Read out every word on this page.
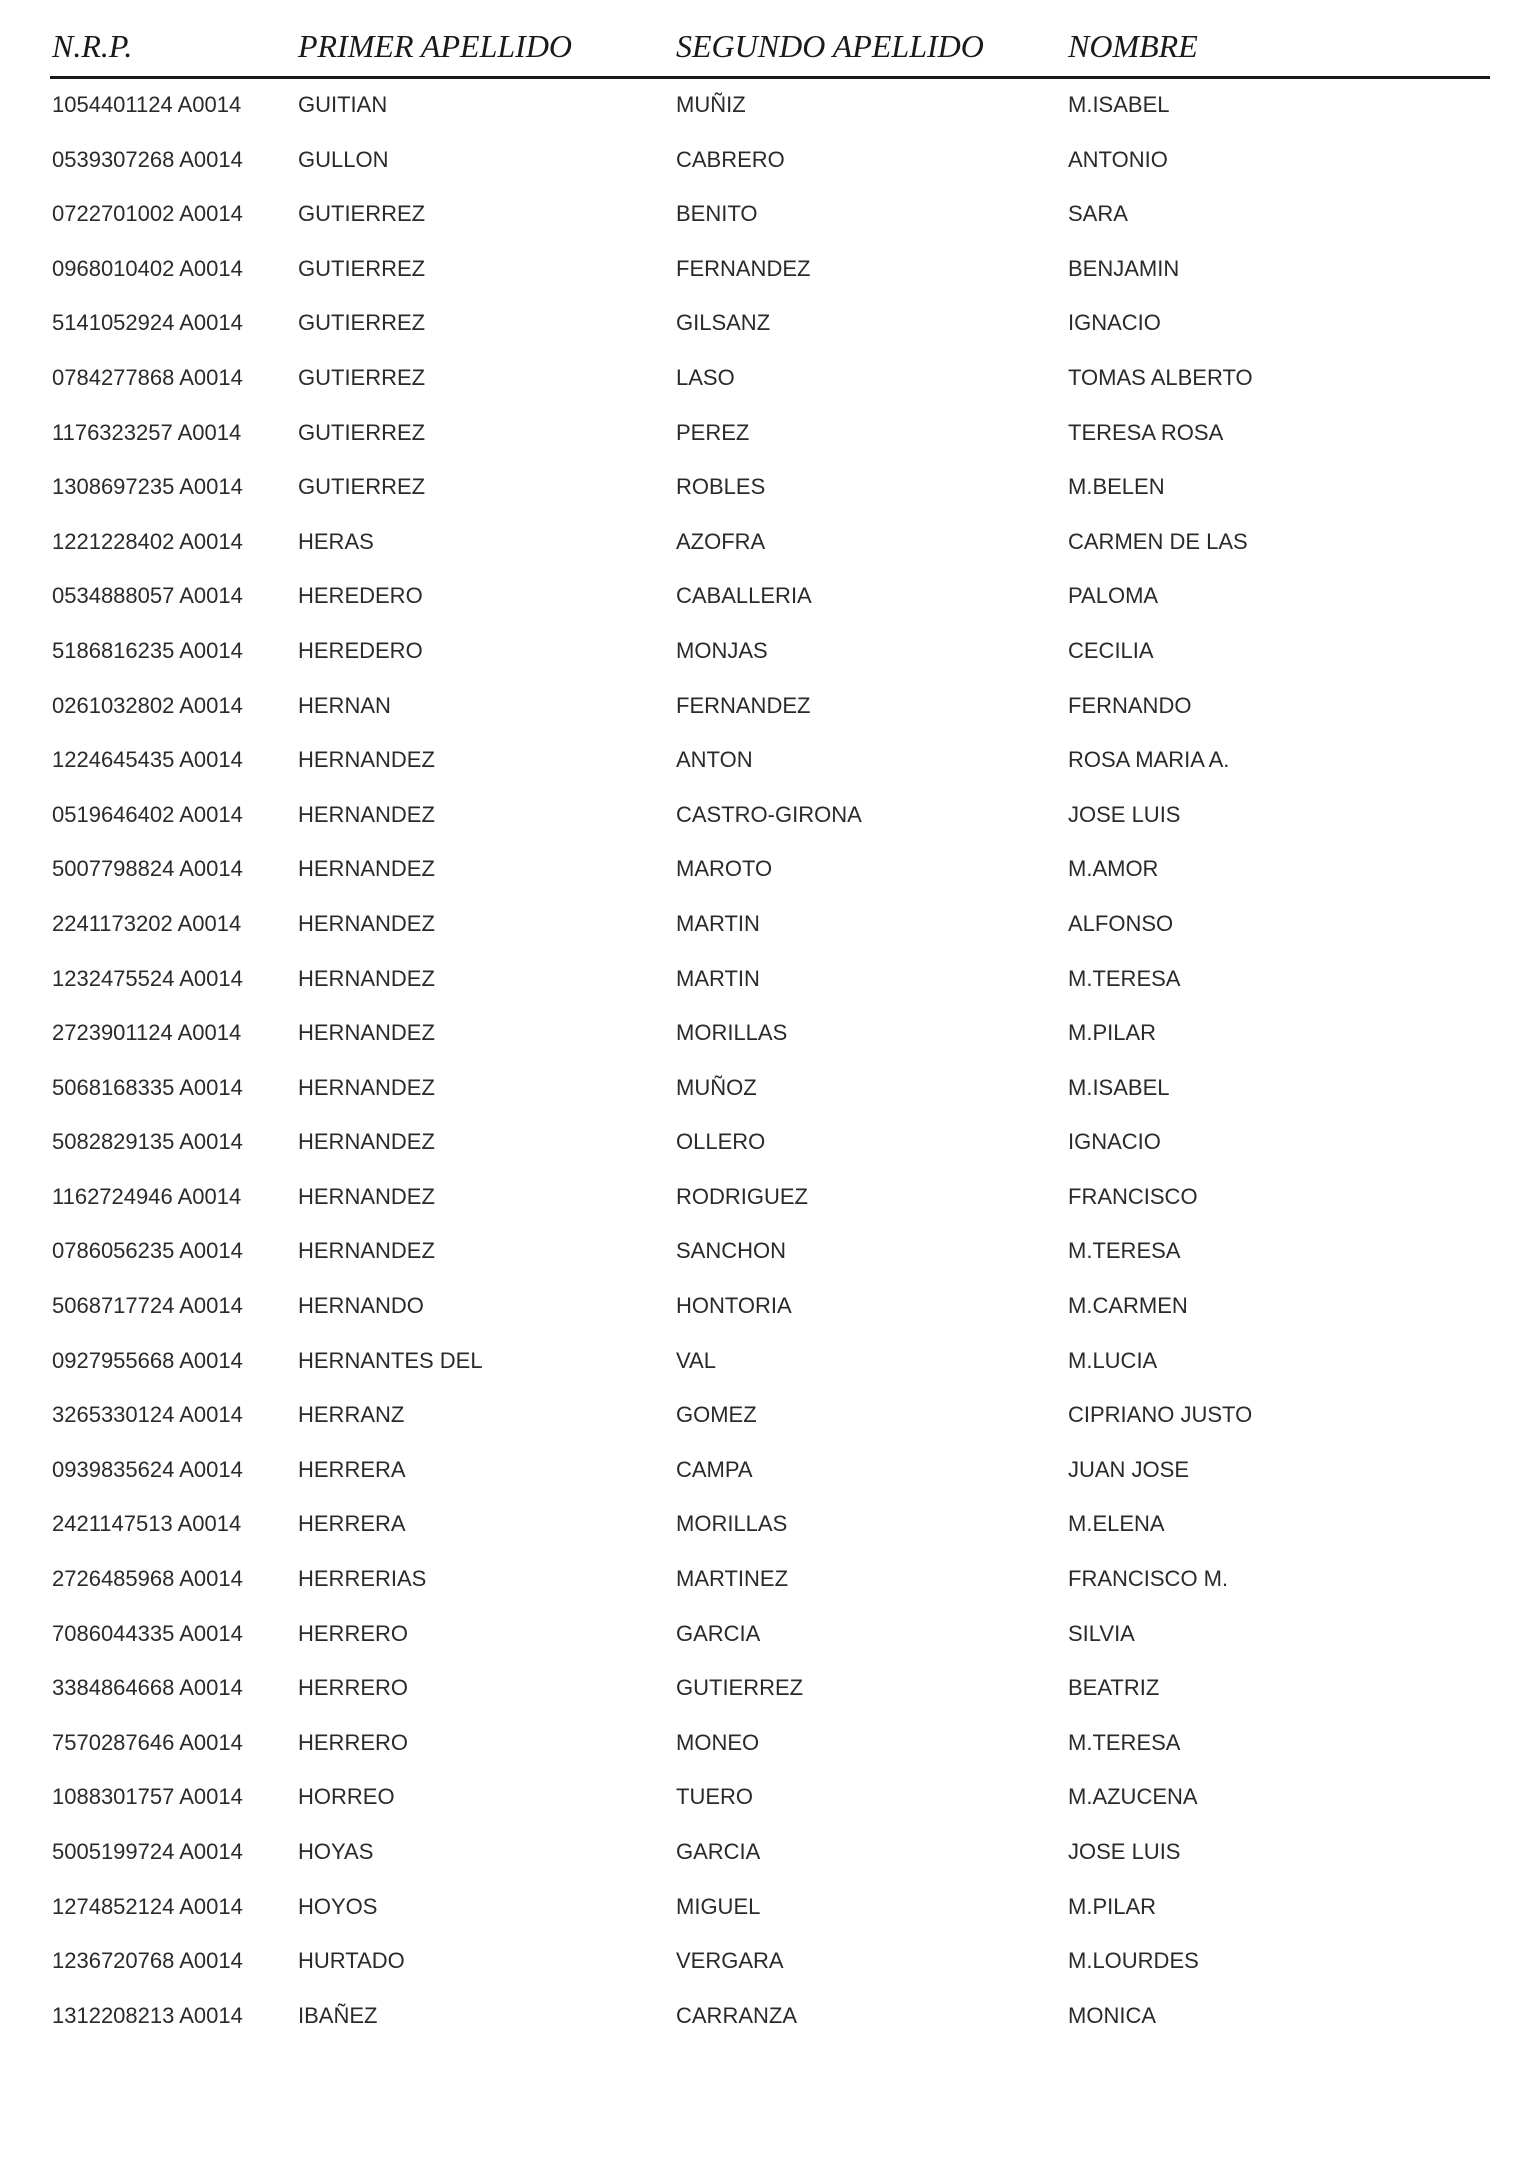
N.R.P.	PRIMER APELLIDO	SEGUNDO APELLIDO	NOMBRE
1054401124 A0014	GUITIAN	MUÑIZ	M.ISABEL
0539307268 A0014	GULLON	CABRERO	ANTONIO
0722701002 A0014	GUTIERREZ	BENITO	SARA
0968010402 A0014	GUTIERREZ	FERNANDEZ	BENJAMIN
5141052924 A0014	GUTIERREZ	GILSANZ	IGNACIO
0784277868 A0014	GUTIERREZ	LASO	TOMAS ALBERTO
1176323257 A0014	GUTIERREZ	PEREZ	TERESA ROSA
1308697235 A0014	GUTIERREZ	ROBLES	M.BELEN
1221228402 A0014	HERAS	AZOFRA	CARMEN DE LAS
0534888057 A0014	HEREDERO	CABALLERIA	PALOMA
5186816235 A0014	HEREDERO	MONJAS	CECILIA
0261032802 A0014	HERNAN	FERNANDEZ	FERNANDO
1224645435 A0014	HERNANDEZ	ANTON	ROSA MARIA A.
0519646402 A0014	HERNANDEZ	CASTRO-GIRONA	JOSE LUIS
5007798824 A0014	HERNANDEZ	MAROTO	M.AMOR
2241173202 A0014	HERNANDEZ	MARTIN	ALFONSO
1232475524 A0014	HERNANDEZ	MARTIN	M.TERESA
2723901124 A0014	HERNANDEZ	MORILLAS	M.PILAR
5068168335 A0014	HERNANDEZ	MUÑOZ	M.ISABEL
5082829135 A0014	HERNANDEZ	OLLERO	IGNACIO
1162724946 A0014	HERNANDEZ	RODRIGUEZ	FRANCISCO
0786056235 A0014	HERNANDEZ	SANCHON	M.TERESA
5068717724 A0014	HERNANDO	HONTORIA	M.CARMEN
0927955668 A0014	HERNANTES DEL	VAL	M.LUCIA
3265330124 A0014	HERRANZ	GOMEZ	CIPRIANO JUSTO
0939835624 A0014	HERRERA	CAMPA	JUAN JOSE
2421147513 A0014	HERRERA	MORILLAS	M.ELENA
2726485968 A0014	HERRERIAS	MARTINEZ	FRANCISCO M.
7086044335 A0014	HERRERO	GARCIA	SILVIA
3384864668 A0014	HERRERO	GUTIERREZ	BEATRIZ
7570287646 A0014	HERRERO	MONEO	M.TERESA
1088301757 A0014	HORREO	TUERO	M.AZUCENA
5005199724 A0014	HOYAS	GARCIA	JOSE LUIS
1274852124 A0014	HOYOS	MIGUEL	M.PILAR
1236720768 A0014	HURTADO	VERGARA	M.LOURDES
1312208213 A0014	IBAÑEZ	CARRANZA	MONICA
